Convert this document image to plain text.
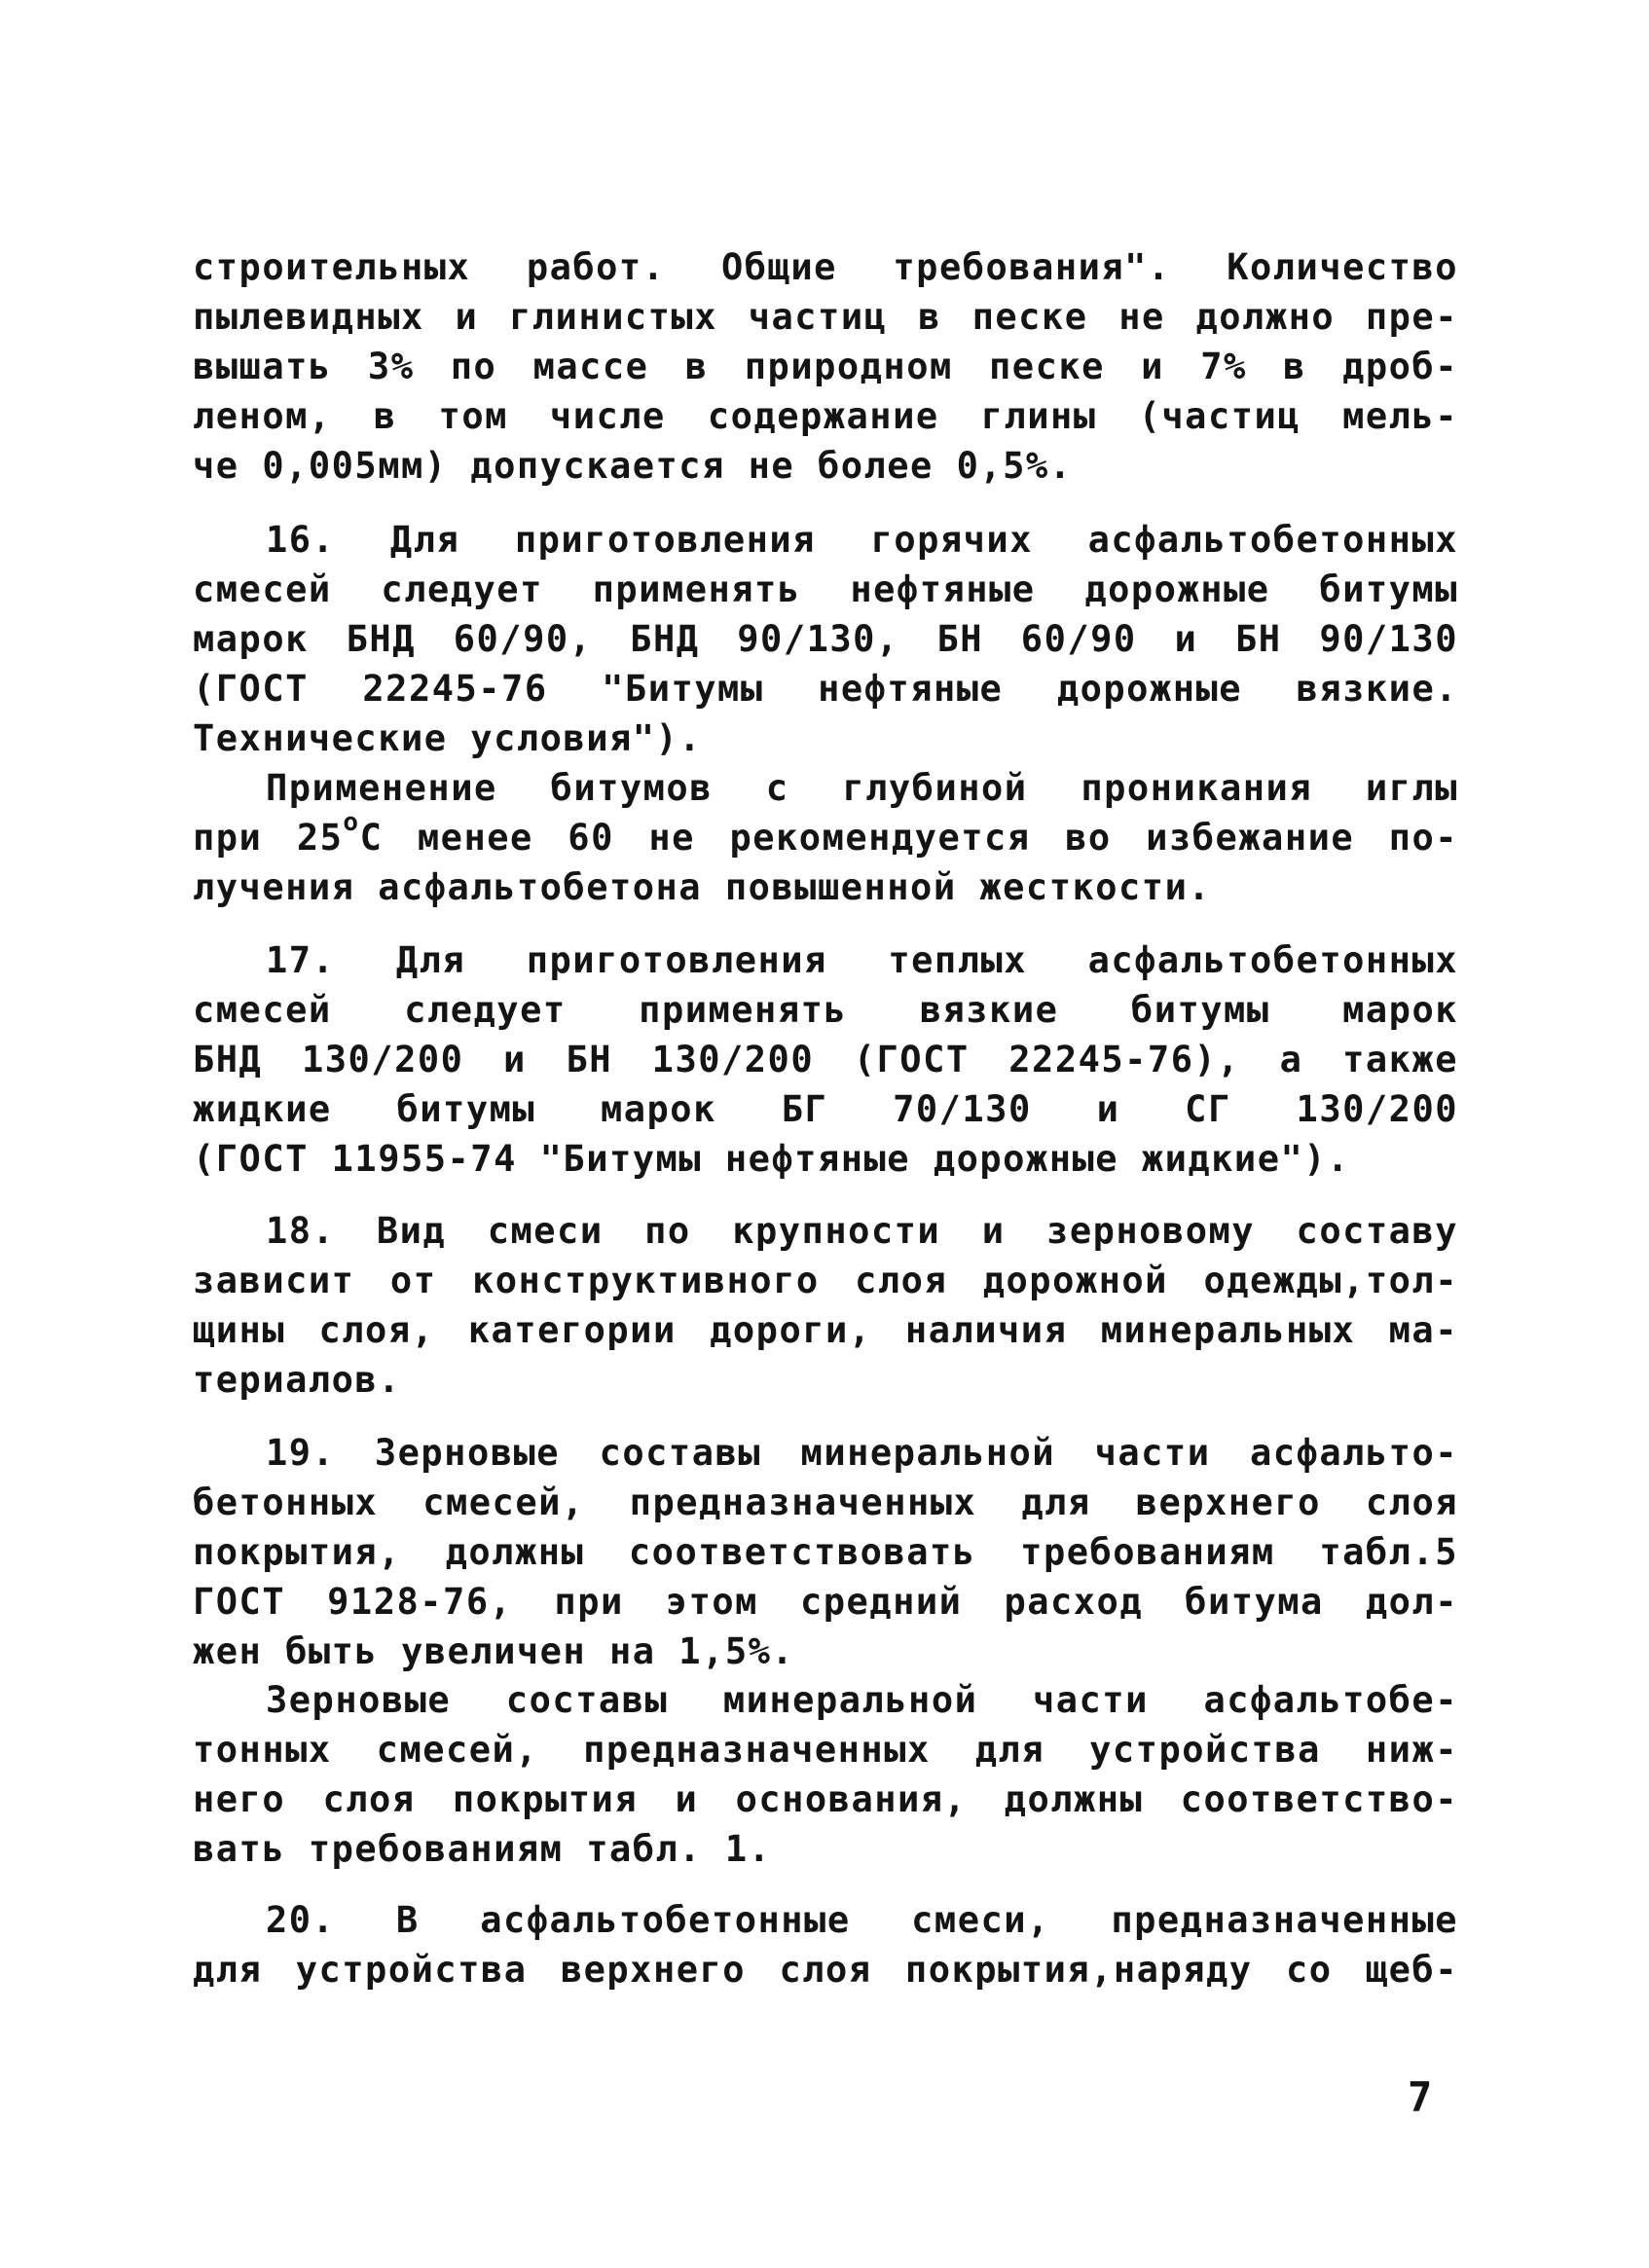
строительных работ. Общие требования". Количество
пылевидных и глинистых частиц в песке не должно пре-
вышать 3% по массе в природном песке и 7% в дроб-
леном, в том числе содержание глины (частиц мель-
че 0,005мм) допускается не более 0,5%.
16. Для приготовления горячих асфальтобетонных
смесей следует применять нефтяные дорожные битумы
марок БНД 60/90, БНД 90/130, БН 60/90 и БН 90/130
(ГОСТ 22245-76 "Битумы нефтяные дорожные вязкие.
Технические условия").
Применение битумов с глубиной проникания иглы
при 25$^o$С менее 60 не рекомендуется во избежание по-
лучения асфальтобетона повышенной жесткости.
17. Для приготовления теплых асфальтобетонных
смесей следует применять вязкие битумы марок
БНД 130/200 и БН 130/200 (ГОСТ 22245-76), а также
жидкие битумы марок БГ 70/130 и СГ 130/200
(ГОСТ 11955-74 "Битумы нефтяные дорожные жидкие").
18. Вид смеси по крупности и зерновому составу
зависит от конструктивного слоя дорожной одежды,тол-
щины слоя, категории дороги, наличия минеральных ма-
териалов.
19. Зерновые составы минеральной части асфальто-
бетонных смесей, предназначенных для верхнего слоя
покрытия, должны соответствовать требованиям табл.5
ГОСТ 9128-76, при этом средний расход битума дол-
жен быть увеличен на 1,5%.
Зерновые составы минеральной части асфальтобе-
тонных смесей, предназначенных для устройства ниж-
него слоя покрытия и основания, должны соответство-
вать требованиям табл. 1.
20. В асфальтобетонные смеси, предназначенные
для устройства верхнего слоя покрытия,наряду со щеб-
7
